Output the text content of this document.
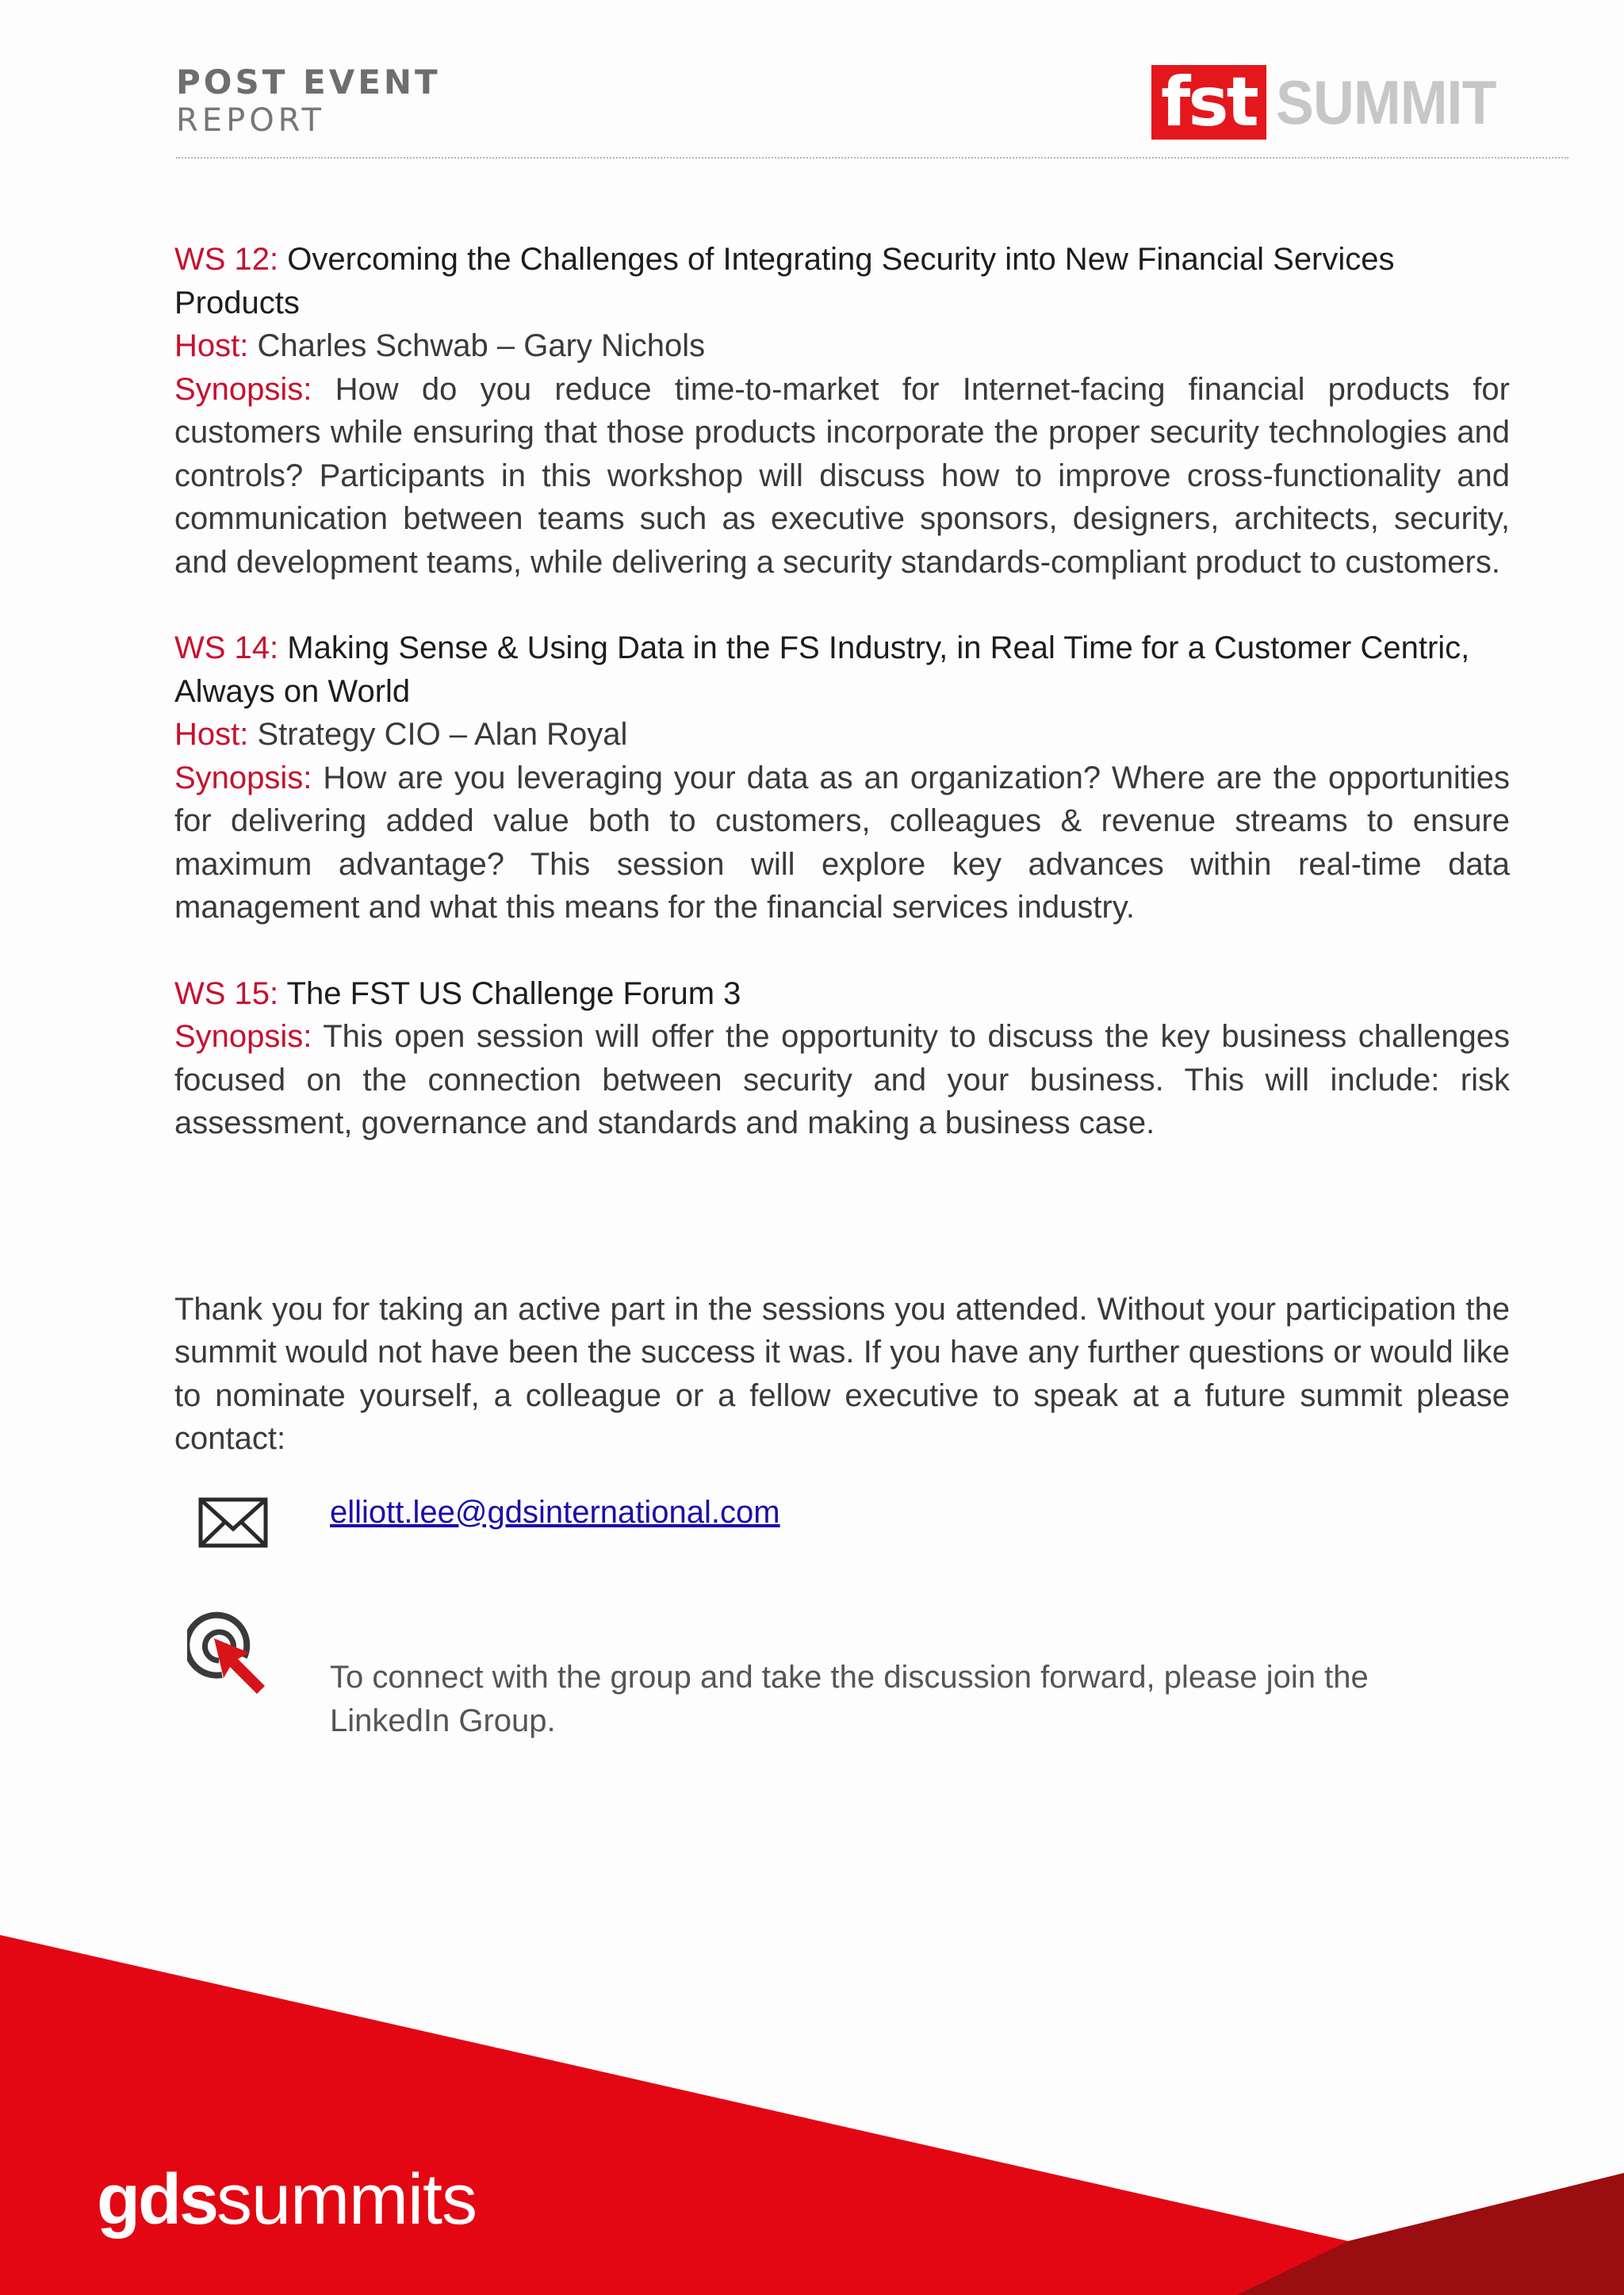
POST EVENT
REPORT	fst SUMMIT
WS 12: Overcoming the Challenges of Integrating Security into New Financial Services Products
Host: Charles Schwab – Gary Nichols
Synopsis: How do you reduce time-to-market for Internet-facing financial products for customers while ensuring that those products incorporate the proper security technologies and controls? Participants in this workshop will discuss how to improve cross-functionality and communication between teams such as executive sponsors, designers, architects, security, and development teams, while delivering a security standards-compliant product to customers.
WS 14: Making Sense & Using Data in the FS Industry, in Real Time for a Customer Centric, Always on World
Host: Strategy CIO – Alan Royal
Synopsis: How are you leveraging your data as an organization? Where are the opportunities for delivering added value both to customers, colleagues & revenue streams to ensure maximum advantage? This session will explore key advances within real-time data management and what this means for the financial services industry.
WS 15: The FST US Challenge Forum 3
Synopsis: This open session will offer the opportunity to discuss the key business challenges focused on the connection between security and your business. This will include: risk assessment, governance and standards and making a business case.

Thank you for taking an active part in the sessions you attended. Without your participation the summit would not have been the success it was. If you have any further questions or would like to nominate yourself, a colleague or a fellow executive to speak at a future summit please contact:

elliott.lee@gdsinternational.com

To connect with the group and take the discussion forward, please join the LinkedIn Group.

gdssummits
